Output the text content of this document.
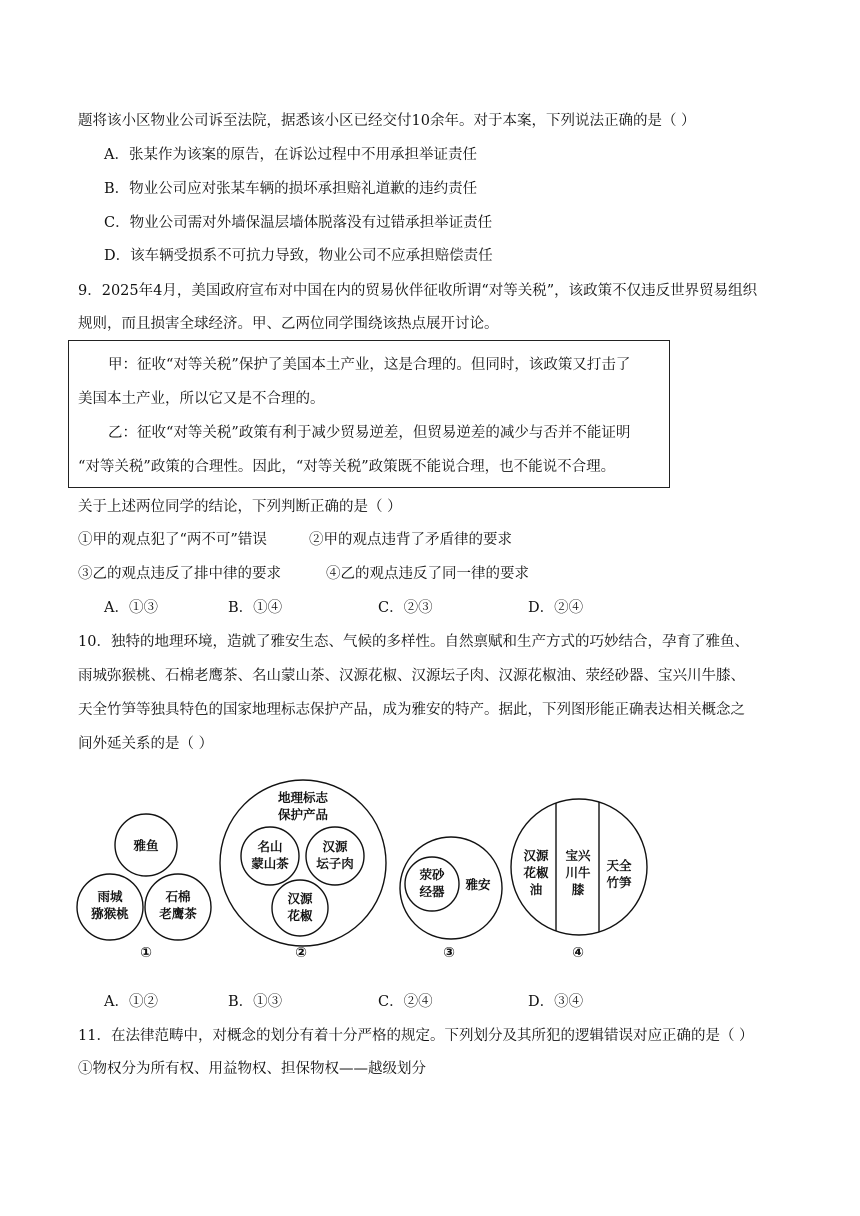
题将该小区物业公司诉至法院，据悉该小区已经交付10余年。对于本案，下列说法正确的是（ ）
A．张某作为该案的原告，在诉讼过程中不用承担举证责任
B．物业公司应对张某车辆的损坏承担赔礼道歉的违约责任
C．物业公司需对外墙保温层墙体脱落没有过错承担举证责任
D．该车辆受损系不可抗力导致，物业公司不应承担赔偿责任
9．2025年4月，美国政府宣布对中国在内的贸易伙伴征收所谓“对等关税”，该政策不仅违反世界贸易组织
规则，而且损害全球经济。甲、乙两位同学围绕该热点展开讨论。
甲：征收“对等关税”保护了美国本土产业，这是合理的。但同时，该政策又打击了
美国本土产业，所以它又是不合理的。
乙：征收“对等关税”政策有利于减少贸易逆差，但贸易逆差的减少与否并不能证明
“对等关税”政策的合理性。因此，“对等关税”政策既不能说合理，也不能说不合理。
关于上述两位同学的结论，下列判断正确的是（ ）
①甲的观点犯了“两不可”错误	②甲的观点违背了矛盾律的要求
③乙的观点违反了排中律的要求	④乙的观点违反了同一律的要求
A．①③	B．①④	C．②③	D．②④
10．独特的地理环境，造就了雅安生态、气候的多样性。自然禀赋和生产方式的巧妙结合，孕育了雅鱼、
雨城弥猴桃、石棉老鹰茶、名山蒙山茶、汉源花椒、汉源坛子肉、汉源花椒油、荥经砂器、宝兴川牛膝、
天全竹笋等独具特色的国家地理标志保护产品，成为雅安的特产。据此，下列图形能正确表达相关概念之
间外延关系的是（ ）
雅鱼
雨城
猕猴桃
石棉
老鹰茶
①
地理标志
保护产品
名山
蒙山茶
汉源
坛子肉
汉源
花椒
②
荥砂
经器 雅安
③
汉源
花椒
油
宝兴
川牛
膝
天全
竹笋
④
A．①②	B．①③	C．②④	D．③④
11．在法律范畴中，对概念的划分有着十分严格的规定。下列划分及其所犯的逻辑错误对应正确的是（ ）
①物权分为所有权、用益物权、担保物权——越级划分
